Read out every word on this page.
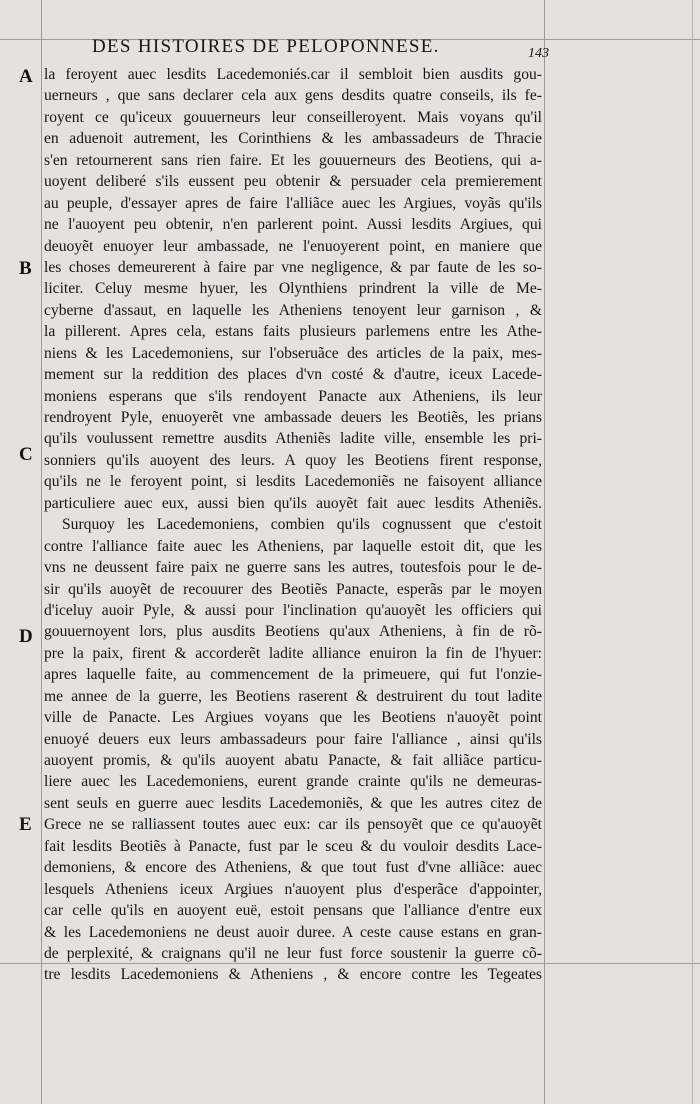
DES HISTOIRES DE PELOPONNESE.	143
A
B
C
D
E
la feroyent auec lesdits Lacedemoniés.car il sembloit bien ausdits gou-
uerneurs , que sans declarer cela aux gens desdits quatre conseils, ils fe-
royent ce qu'iceux gouuerneurs leur conseilleroyent. Mais voyans qu'il
en aduenoit autrement, les Corinthiens & les ambassadeurs de Thracie
s'en retournerent sans rien faire. Et les gouuerneurs des Beotiens, qui a-
uoyent deliberé s'ils eussent peu obtenir & persuader cela premierement
au peuple, d'essayer apres de faire l'alliãce auec les Argiues, voyãs qu'ils
ne l'auoyent peu obtenir, n'en parlerent point. Aussi lesdits Argiues, qui
deuoyẽt enuoyer leur ambassade, ne l'enuoyerent point, en maniere que
les choses demeurerent à faire par vne negligence, & par faute de les so-
liciter. Celuy mesme hyuer, les Olynthiens prindrent la ville de Me-
cyberne d'assaut, en laquelle les Atheniens tenoyent leur garnison , &
la pillerent. Apres cela, estans faits plusieurs parlemens entre les Athe-
niens & les Lacedemoniens, sur l'obseruãce des articles de la paix, mes-
mement sur la reddition des places d'vn costé & d'autre, iceux Lacede-
moniens esperans que s'ils rendoyent Panacte aux Atheniens, ils leur
rendroyent Pyle, enuoyerẽt vne ambassade deuers les Beotiẽs, les prians
qu'ils voulussent remettre ausdits Atheniẽs ladite ville, ensemble les pri-
sonniers qu'ils auoyent des leurs. A quoy les Beotiens firent response,
qu'ils ne le feroyent point, si lesdits Lacedemoniẽs ne faisoyent alliance
particuliere auec eux, aussi bien qu'ils auoyẽt fait auec lesdits Atheniẽs.
Surquoy les Lacedemoniens, combien qu'ils cognussent que c'estoit
contre l'alliance faite auec les Atheniens, par laquelle estoit dit, que les
vns ne deussent faire paix ne guerre sans les autres, toutesfois pour le de-
sir qu'ils auoyẽt de recouurer des Beotiẽs Panacte, esperãs par le moyen
d'iceluy auoir Pyle, & aussi pour l'inclination qu'auoyẽt les officiers qui
gouuernoyent lors, plus ausdits Beotiens qu'aux Atheniens, à fin de rõ-
pre la paix, firent & accorderẽt ladite alliance enuiron la fin de l'hyuer:
apres laquelle faite, au commencement de la primeuere, qui fut l'onzie-
me annee de la guerre, les Beotiens raserent & destruirent du tout ladite
ville de Panacte. Les Argiues voyans que les Beotiens n'auoyẽt point
enuoyé deuers eux leurs ambassadeurs pour faire l'alliance , ainsi qu'ils
auoyent promis, & qu'ils auoyent abatu Panacte, & fait alliãce particu-
liere auec les Lacedemoniens, eurent grande crainte qu'ils ne demeuras-
sent seuls en guerre auec lesdits Lacedemoniẽs, & que les autres citez de
Grece ne se ralliassent toutes auec eux: car ils pensoyẽt que ce qu'auoyẽt
fait lesdits Beotiẽs à Panacte, fust par le sceu & du vouloir desdits Lace-
demoniens, & encore des Atheniens, & que tout fust d'vne alliãce: auec
lesquels Atheniens iceux Argiues n'auoyent plus d'esperãce d'appointer,
car celle qu'ils en auoyent euë, estoit pensans que l'alliance d'entre eux
& les Lacedemoniens ne deust auoir duree. A ceste cause estans en gran-
de perplexité, & craignans qu'il ne leur fust force soustenir la guerre cõ-
tre lesdits Lacedemoniens & Atheniens , & encore contre les Tegeates
